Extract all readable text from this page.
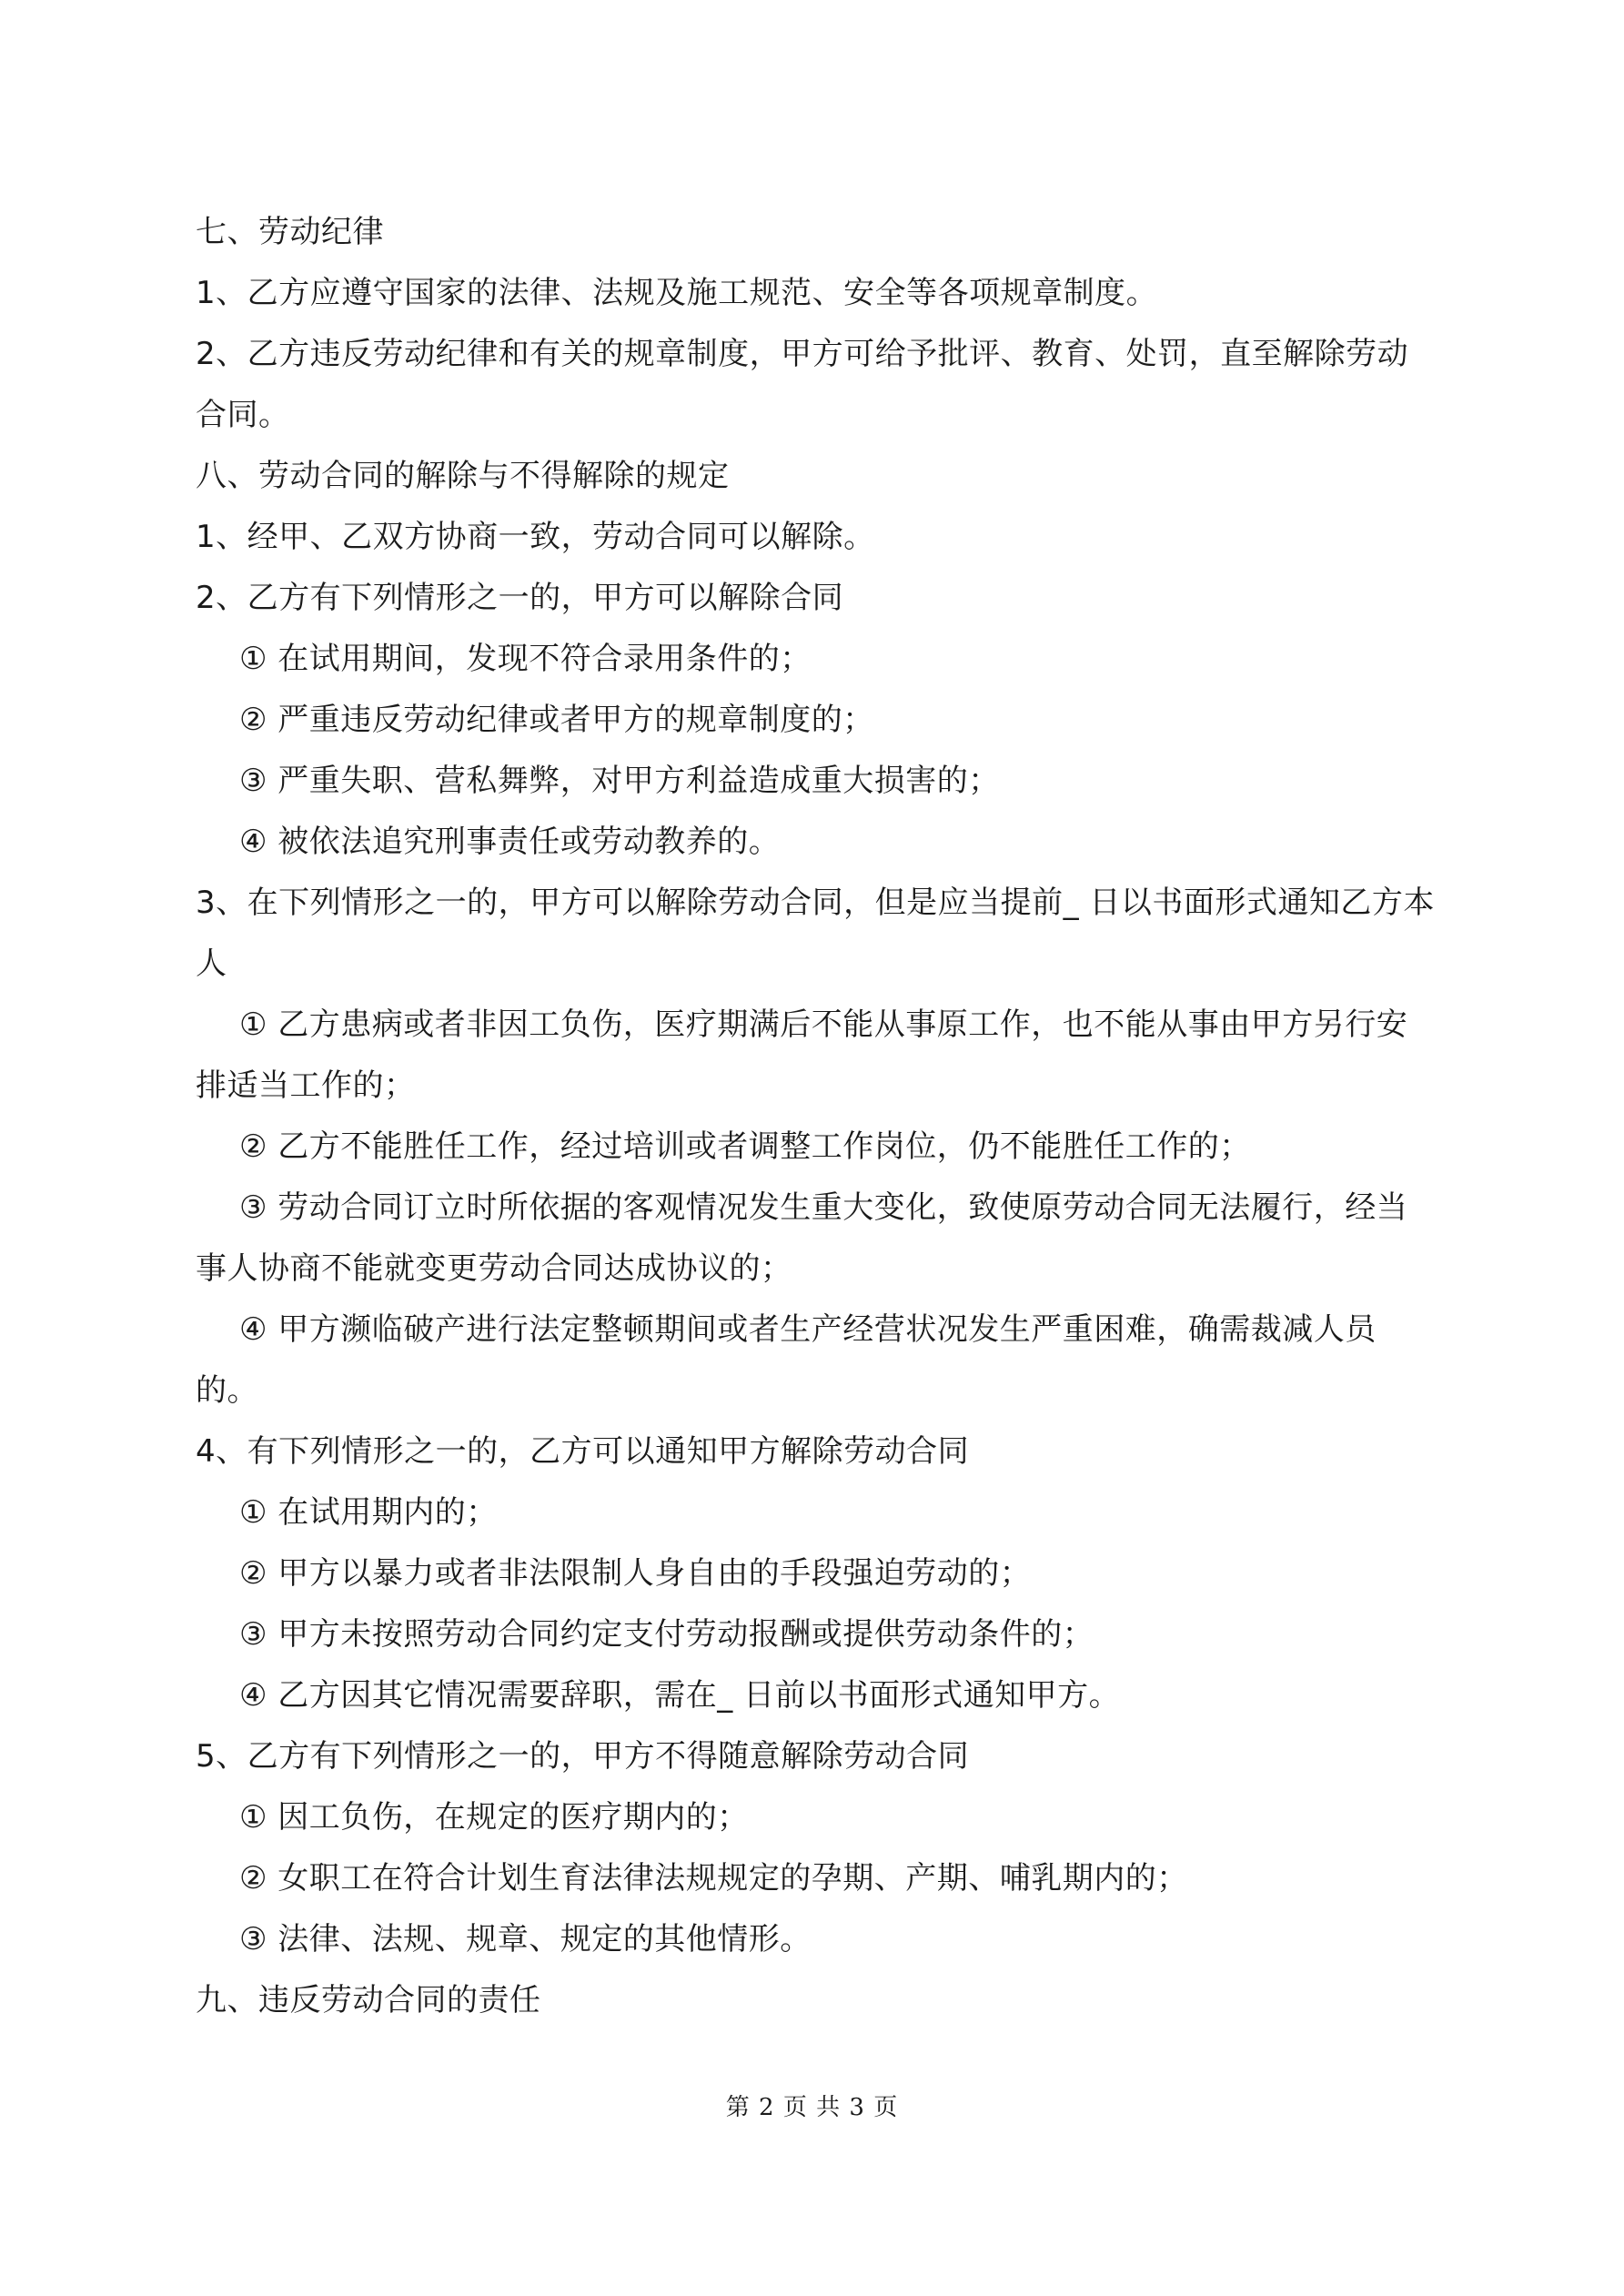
七、劳动纪律

1、乙方应遵守国家的法律、法规及施工规范、安全等各项规章制度。

2、乙方违反劳动纪律和有关的规章制度，甲方可给予批评、教育、处罚，直至解除劳动合同。

八、劳动合同的解除与不得解除的规定

1、经甲、乙双方协商一致，劳动合同可以解除。

2、乙方有下列情形之一的，甲方可以解除合同

① 在试用期间，发现不符合录用条件的；

② 严重违反劳动纪律或者甲方的规章制度的；

③ 严重失职、营私舞弊，对甲方利益造成重大损害的；

④ 被依法追究刑事责任或劳动教养的。

3、在下列情形之一的，甲方可以解除劳动合同，但是应当提前_ 日以书面形式通知乙方本人

① 乙方患病或者非因工负伤，医疗期满后不能从事原工作，也不能从事由甲方另行安排适当工作的；

② 乙方不能胜任工作，经过培训或者调整工作岗位，仍不能胜任工作的；

③ 劳动合同订立时所依据的客观情况发生重大变化，致使原劳动合同无法履行，经当事人协商不能就变更劳动合同达成协议的；

④ 甲方濒临破产进行法定整顿期间或者生产经营状况发生严重困难，确需裁减人员的。

4、有下列情形之一的，乙方可以通知甲方解除劳动合同

① 在试用期内的；

② 甲方以暴力或者非法限制人身自由的手段强迫劳动的；

③ 甲方未按照劳动合同约定支付劳动报酬或提供劳动条件的；

④ 乙方因其它情况需要辞职，需在_ 日前以书面形式通知甲方。

5、乙方有下列情形之一的，甲方不得随意解除劳动合同

① 因工负伤，在规定的医疗期内的；

② 女职工在符合计划生育法律法规规定的孕期、产期、哺乳期内的；

③ 法律、法规、规章、规定的其他情形。

九、违反劳动合同的责任

第 2 页 共 3 页
